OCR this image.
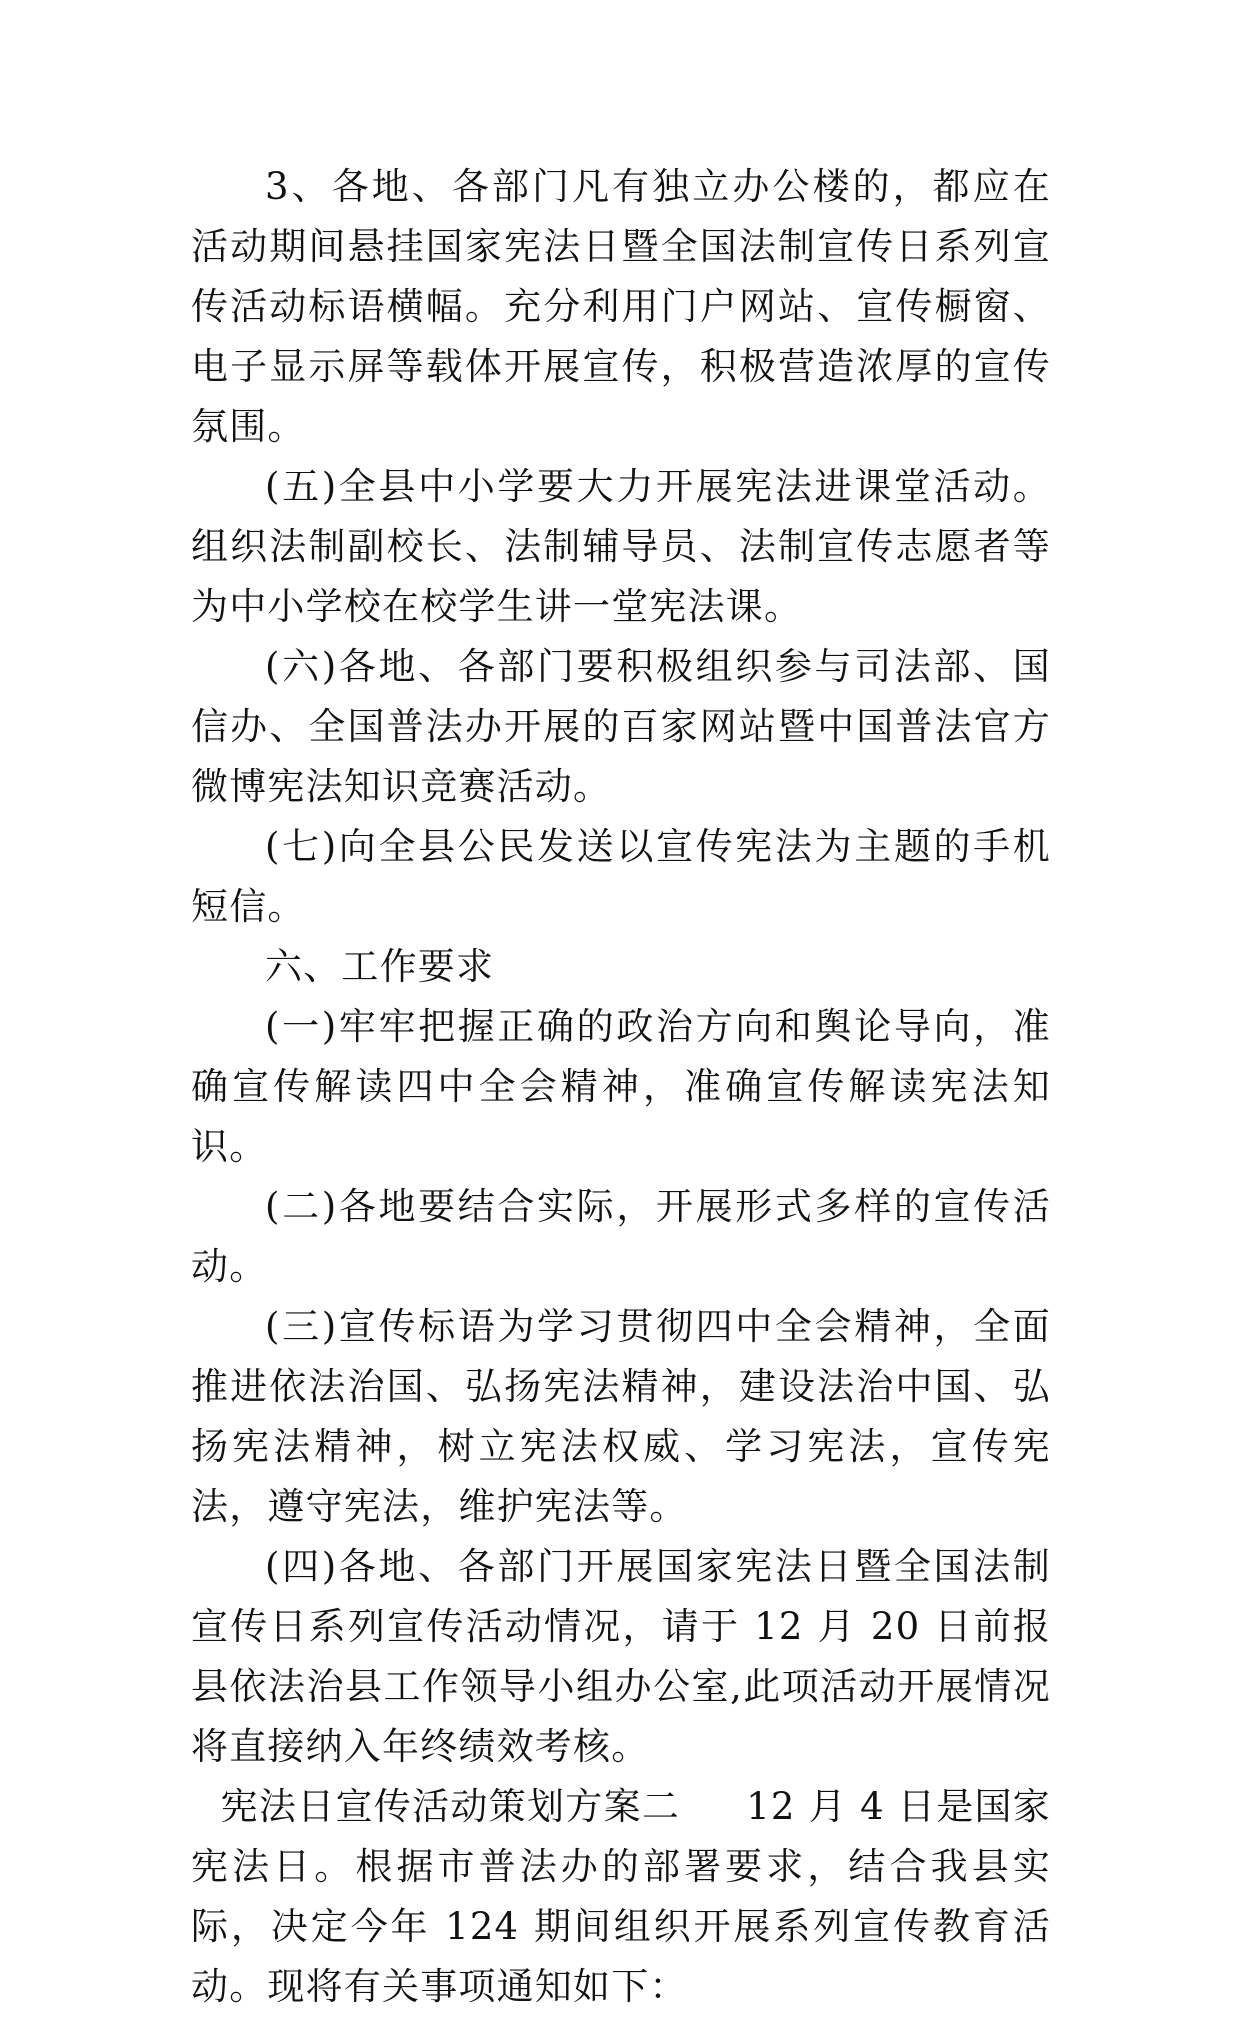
3、各地、各部门凡有独立办公楼的，都应在活动期间悬挂国家宪法日暨全国法制宣传日系列宣传活动标语横幅。充分利用门户网站、宣传橱窗、电子显示屏等载体开展宣传，积极营造浓厚的宣传氛围。

(五)全县中小学要大力开展宪法进课堂活动。组织法制副校长、法制辅导员、法制宣传志愿者等为中小学校在校学生讲一堂宪法课。

(六)各地、各部门要积极组织参与司法部、国信办、全国普法办开展的百家网站暨中国普法官方微博宪法知识竞赛活动。

(七)向全县公民发送以宣传宪法为主题的手机短信。

六、工作要求

(一)牢牢把握正确的政治方向和舆论导向，准确宣传解读四中全会精神，准确宣传解读宪法知识。

(二)各地要结合实际，开展形式多样的宣传活动。

(三)宣传标语为学习贯彻四中全会精神，全面推进依法治国、弘扬宪法精神，建设法治中国、弘扬宪法精神，树立宪法权威、学习宪法，宣传宪法，遵守宪法，维护宪法等。

(四)各地、各部门开展国家宪法日暨全国法制宣传日系列宣传活动情况，请于 12 月 20 日前报县依法治县工作领导小组办公室,此项活动开展情况将直接纳入年终绩效考核。

宪法日宣传活动策划方案二 12 月 4 日是国家宪法日。根据市普法办的部署要求，结合我县实际，决定今年 124 期间组织开展系列宣传教育活动。现将有关事项通知如下：
